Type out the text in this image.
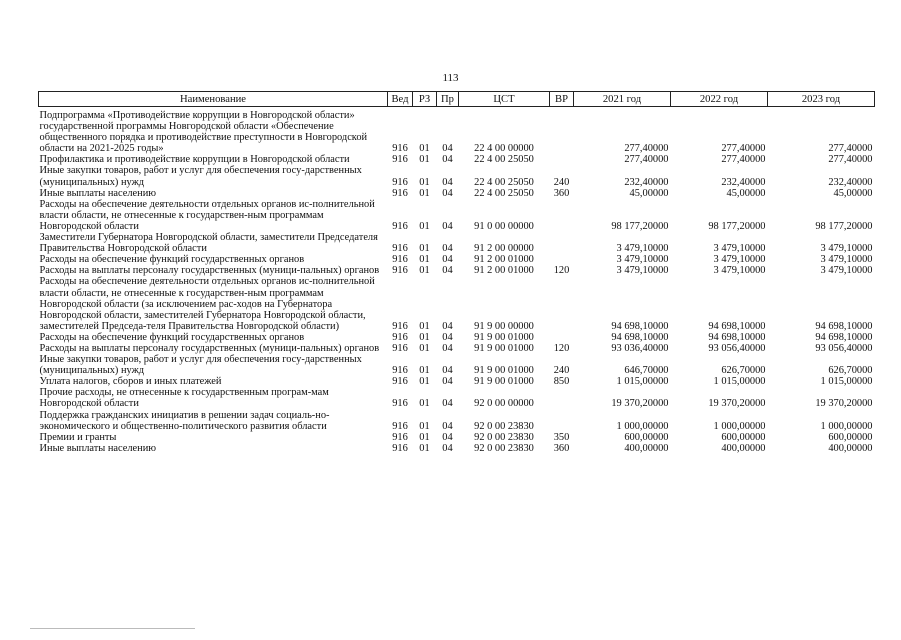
113
Наименование	Вед	РЗ	Пр	ЦСТ	ВР	2021 год	2022 год	2023 год
Подпрограмма «Противодействие коррупции в Новгородской области» государственной программы Новгородской области «Обеспечение общественного порядка и противодействие преступности в Новгородской области на 2021-2025 годы»	916	01	04	22 4 00 00000		277,40000	277,40000	277,40000
Профилактика и противодействие коррупции в Новгородской области	916	01	04	22 4 00 25050		277,40000	277,40000	277,40000
Иные закупки товаров, работ и услуг для обеспечения госу-дарственных (муниципальных) нужд	916	01	04	22 4 00 25050	240	232,40000	232,40000	232,40000
Иные выплаты населению	916	01	04	22 4 00 25050	360	45,00000	45,00000	45,00000
Расходы на обеспечение деятельности отдельных органов ис-полнительной власти области, не отнесенные к государствен-ным программам Новгородской области	916	01	04	91 0 00 00000		98 177,20000	98 177,20000	98 177,20000
Заместители Губернатора Новгородской области, заместители Председателя Правительства Новгородской области	916	01	04	91 2 00 00000		3 479,10000	3 479,10000	3 479,10000
Расходы на обеспечение функций государственных органов	916	01	04	91 2 00 01000		3 479,10000	3 479,10000	3 479,10000
Расходы на выплаты персоналу государственных (муници-пальных) органов	916	01	04	91 2 00 01000	120	3 479,10000	3 479,10000	3 479,10000
Расходы на обеспечение деятельности отдельных органов ис-полнительной власти области, не отнесенные к государствен-ным программам Новгородской области (за исключением рас-ходов на Губернатора Новгородской области, заместителей Губернатора Новгородской области, заместителей Председа-теля Правительства Новгородской области)	916	01	04	91 9 00 00000		94 698,10000	94 698,10000	94 698,10000
Расходы на обеспечение функций государственных органов	916	01	04	91 9 00 01000		94 698,10000	94 698,10000	94 698,10000
Расходы на выплаты персоналу государственных (муници-пальных) органов	916	01	04	91 9 00 01000	120	93 036,40000	93 056,40000	93 056,40000
Иные закупки товаров, работ и услуг для обеспечения госу-дарственных (муниципальных) нужд	916	01	04	91 9 00 01000	240	646,70000	626,70000	626,70000
Уплата налогов, сборов и иных платежей	916	01	04	91 9 00 01000	850	1 015,00000	1 015,00000	1 015,00000
Прочие расходы, не отнесенные к государственным програм-мам Новгородской области	916	01	04	92 0 00 00000		19 370,20000	19 370,20000	19 370,20000
Поддержка гражданских инициатив в решении задач социаль-но-экономического и общественно-политического развития области	916	01	04	92 0 00 23830		1 000,00000	1 000,00000	1 000,00000
Премии и гранты	916	01	04	92 0 00 23830	350	600,00000	600,00000	600,00000
Иные выплаты населению	916	01	04	92 0 00 23830	360	400,00000	400,00000	400,00000
